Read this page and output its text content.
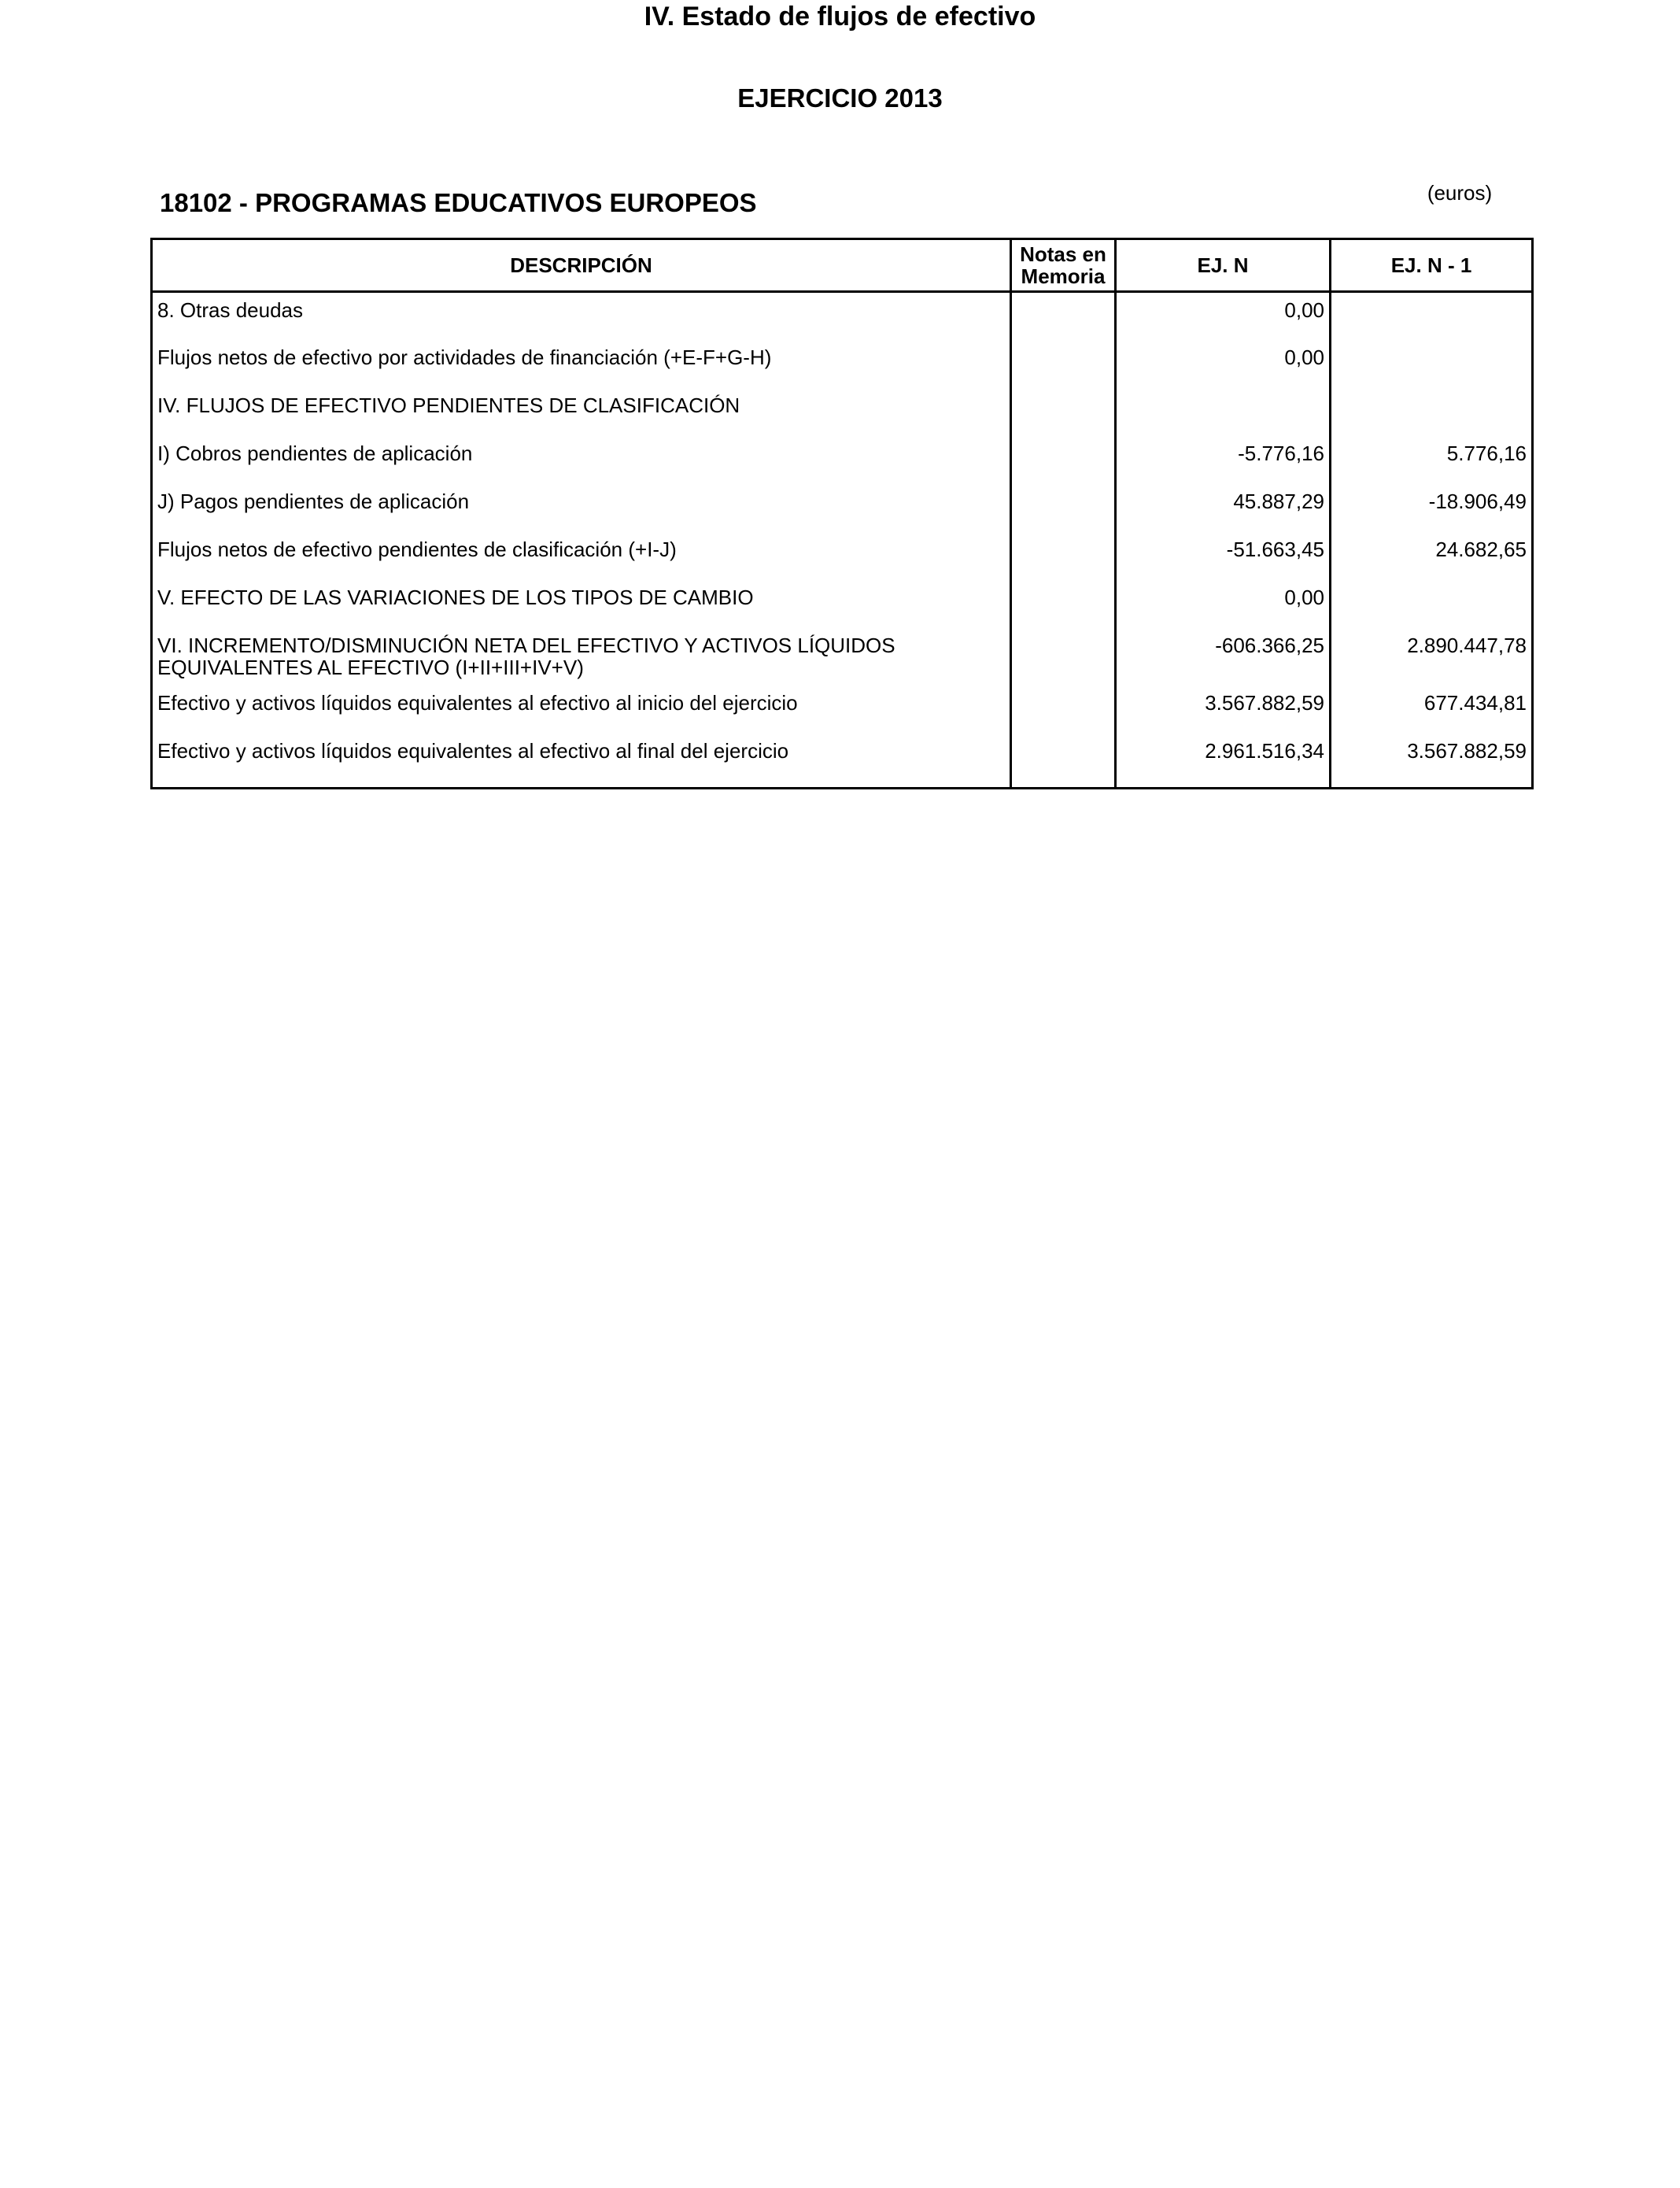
IV. Estado de flujos de efectivo
EJERCICIO 2013
18102 - PROGRAMAS EDUCATIVOS EUROPEOS	(euros)
DESCRIPCIÓN	Notas en Memoria	EJ. N	EJ. N - 1
8. Otras deudas		0,00	
Flujos netos de efectivo por actividades de financiación (+E-F+G-H)		0,00	
IV. FLUJOS DE EFECTIVO PENDIENTES DE CLASIFICACIÓN			
I) Cobros pendientes de aplicación		-5.776,16	5.776,16
J) Pagos pendientes de aplicación		45.887,29	-18.906,49
Flujos netos de efectivo pendientes de clasificación (+I-J)		-51.663,45	24.682,65
V. EFECTO DE LAS VARIACIONES DE LOS TIPOS DE CAMBIO		0,00	
VI. INCREMENTO/DISMINUCIÓN NETA DEL EFECTIVO Y ACTIVOS LÍQUIDOS EQUIVALENTES AL EFECTIVO (I+II+III+IV+V)		-606.366,25	2.890.447,78
Efectivo y activos líquidos equivalentes al efectivo al inicio del ejercicio		3.567.882,59	677.434,81
Efectivo y activos líquidos equivalentes al efectivo al final del ejercicio		2.961.516,34	3.567.882,59
